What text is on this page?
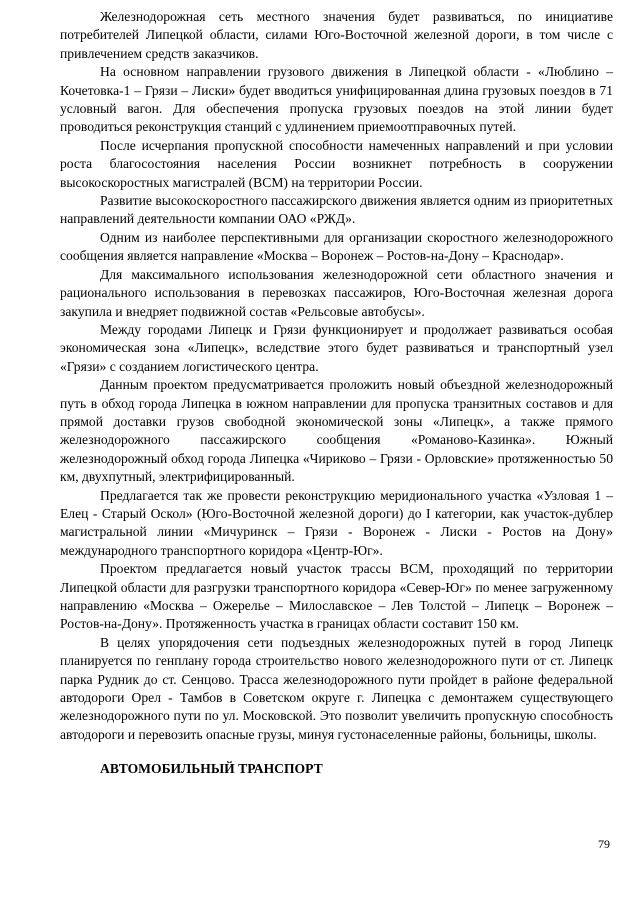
Железнодорожная сеть местного значения будет развиваться, по инициативе потребителей Липецкой области, силами Юго-Восточной железной дороги, в том числе с привлечением средств заказчиков.

На основном направлении грузового движения в Липецкой области - «Люблино – Кочетовка-1 – Грязи – Лиски» будет вводиться унифицированная длина грузовых поездов в 71 условный вагон. Для обеспечения пропуска грузовых поездов на этой линии будет проводиться реконструкция станций с удлинением приемоотправочных путей.

После исчерпания пропускной способности намеченных направлений и при условии роста благосостояния населения России возникнет потребность в сооружении высокоскоростных магистралей (ВСМ) на территории России.

Развитие высокоскоростного пассажирского движения является одним из приоритетных направлений деятельности компании ОАО «РЖД».

Одним из наиболее перспективными для организации скоростного железнодорожного сообщения является направление «Москва – Воронеж – Ростов-на-Дону – Краснодар».

Для максимального использования железнодорожной сети областного значения и рационального использования в перевозках пассажиров, Юго-Восточная железная дорога закупила и внедряет подвижной состав «Рельсовые автобусы».

Между городами Липецк и Грязи функционирует и продолжает развиваться особая экономическая зона «Липецк», вследствие этого будет развиваться и транспортный узел «Грязи» с созданием логистического центра.

Данным проектом предусматривается проложить новый объездной железнодорожный путь в обход города Липецка в южном направлении для пропуска транзитных составов и для прямой доставки грузов свободной экономической зоны «Липецк», а также прямого железнодорожного пассажирского сообщения «Романово-Казинка». Южный железнодорожный обход города Липецка «Чириково – Грязи - Орловские» протяженностью 50 км, двухпутный, электрифицированный.

Предлагается так же провести реконструкцию меридионального участка «Узловая 1 – Елец - Старый Оскол» (Юго-Восточной железной дороги) до I категории, как участок-дублер магистральной линии «Мичуринск – Грязи - Воронеж - Лиски - Ростов на Дону» международного транспортного коридора «Центр-Юг».

Проектом предлагается новый участок трассы ВСМ, проходящий по территории Липецкой области для разгрузки транспортного коридора «Север-Юг» по менее загруженному направлению «Москва – Ожерелье – Милославское – Лев Толстой – Липецк – Воронеж – Ростов-на-Дону». Протяженность участка в границах области составит 150 км.

В целях упорядочения сети подъездных железнодорожных путей в город Липецк планируется по генплану города строительство нового железнодорожного пути от ст. Липецк парка Рудник до ст. Сенцово. Трасса железнодорожного пути пройдет в районе федеральной автодороги Орел - Тамбов в Советском округе г. Липецка с демонтажем существующего железнодорожного пути по ул. Московской. Это позволит увеличить пропускную способность автодороги и перевозить опасные грузы, минуя густонаселенные районы, больницы, школы.

АВТОМОБИЛЬНЫЙ ТРАНСПОРТ

79
